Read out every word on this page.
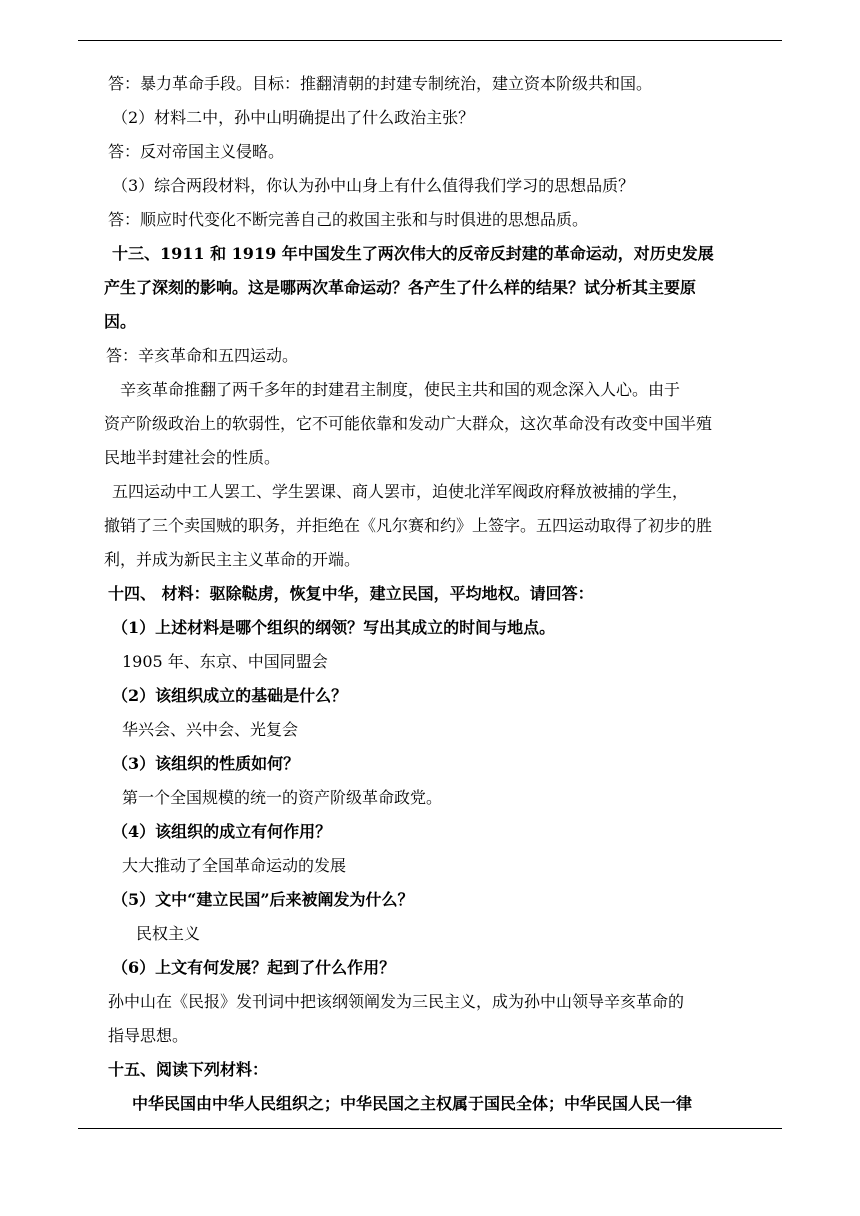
答：暴力革命手段。目标：推翻清朝的封建专制统治，建立资本阶级共和国。
（2）材料二中，孙中山明确提出了什么政治主张？
答：反对帝国主义侵略。
（3）综合两段材料，你认为孙中山身上有什么值得我们学习的思想品质？
答：顺应时代变化不断完善自己的救国主张和与时俱进的思想品质。
十三、1911 和 1919 年中国发生了两次伟大的反帝反封建的革命运动，对历史发展
产生了深刻的影响。这是哪两次革命运动？各产生了什么样的结果？试分析其主要原
因。
答：辛亥革命和五四运动。
辛亥革命推翻了两千多年的封建君主制度，使民主共和国的观念深入人心。由于
资产阶级政治上的软弱性，它不可能依靠和发动广大群众，这次革命没有改变中国半殖
民地半封建社会的性质。
五四运动中工人罢工、学生罢课、商人罢市，迫使北洋军阀政府释放被捕的学生，
撤销了三个卖国贼的职务，并拒绝在《凡尔赛和约》上签字。五四运动取得了初步的胜
利，并成为新民主主义革命的开端。
十四、 材料：驱除鞑虏，恢复中华，建立民国，平均地权。请回答：
（1）上述材料是哪个组织的纲领？写出其成立的时间与地点。
1905 年、东京、中国同盟会
（2）该组织成立的基础是什么？
华兴会、兴中会、光复会
（3）该组织的性质如何？
第一个全国规模的统一的资产阶级革命政党。
（4）该组织的成立有何作用？
大大推动了全国革命运动的发展
（5）文中“建立民国”后来被阐发为什么？
民权主义
（6）上文有何发展？起到了什么作用？
孙中山在《民报》发刊词中把该纲领阐发为三民主义，成为孙中山领导辛亥革命的
指导思想。
十五、阅读下列材料：
中华民国由中华人民组织之；中华民国之主权属于国民全体；中华民国人民一律
